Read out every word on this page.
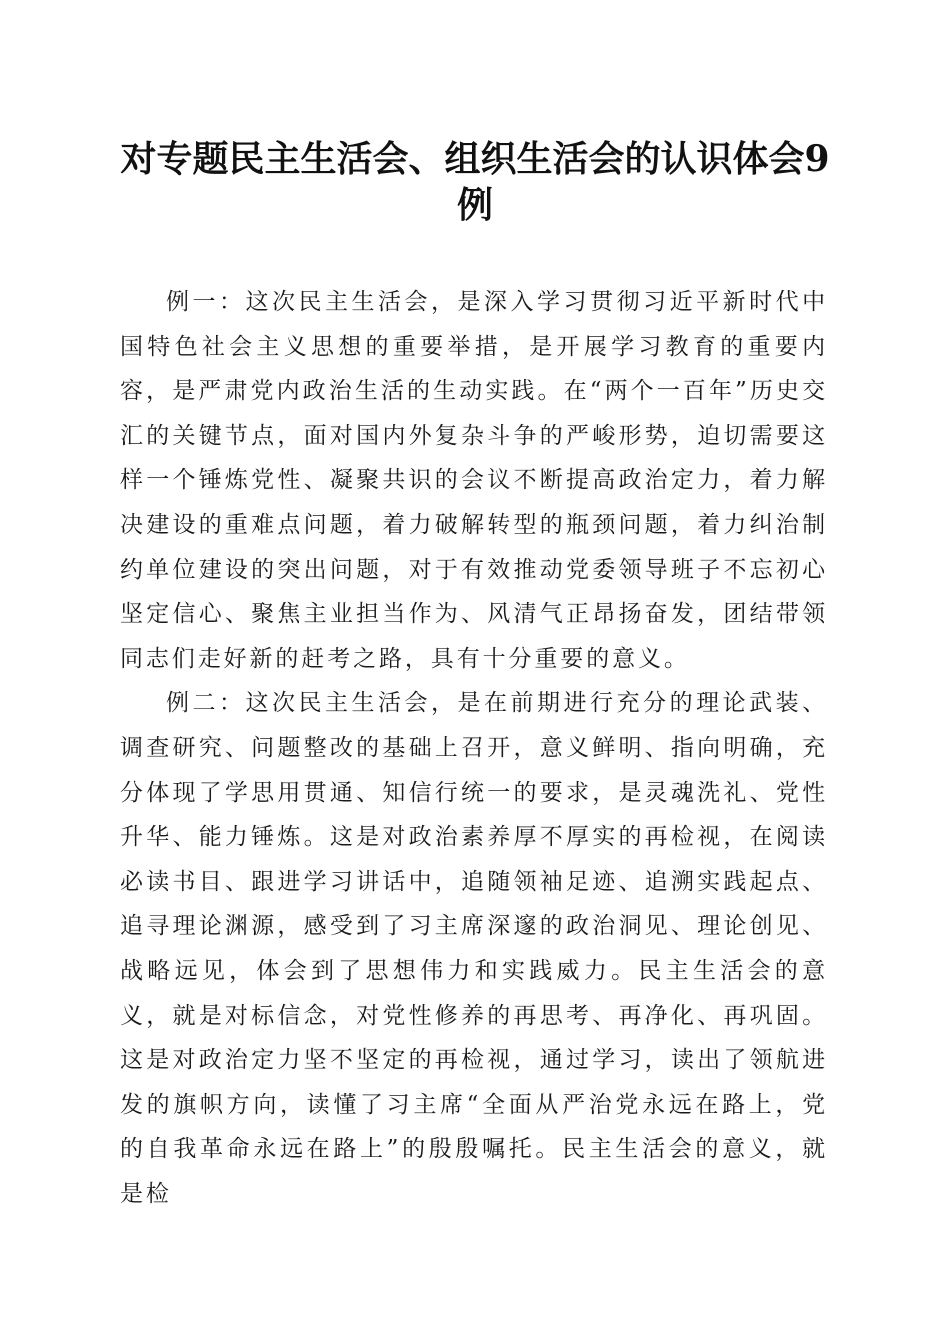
对专题民主生活会、组织生活会的认识体会9例

例一：这次民主生活会，是深入学习贯彻习近平新时代中国特色社会主义思想的重要举措，是开展学习教育的重要内容，是严肃党内政治生活的生动实践。在“两个一百年”历史交汇的关键节点，面对国内外复杂斗争的严峻形势，迫切需要这样一个锤炼党性、凝聚共识的会议不断提高政治定力，着力解决建设的重难点问题，着力破解转型的瓶颈问题，着力纠治制约单位建设的突出问题，对于有效推动党委领导班子不忘初心坚定信心、聚焦主业担当作为、风清气正昂扬奋发，团结带领同志们走好新的赶考之路，具有十分重要的意义。

例二：这次民主生活会，是在前期进行充分的理论武装、调查研究、问题整改的基础上召开，意义鲜明、指向明确，充分体现了学思用贯通、知信行统一的要求，是灵魂洗礼、党性升华、能力锤炼。这是对政治素养厚不厚实的再检视，在阅读必读书目、跟进学习讲话中，追随领袖足迹、追溯实践起点、追寻理论渊源，感受到了习主席深邃的政治洞见、理论创见、战略远见，体会到了思想伟力和实践威力。民主生活会的意义，就是对标信念，对党性修养的再思考、再净化、再巩固。这是对政治定力坚不坚定的再检视，通过学习，读出了领航进发的旗帜方向，读懂了习主席“全面从严治党永远在路上，党的自我革命永远在路上”的殷殷嘱托。民主生活会的意义，就是检
